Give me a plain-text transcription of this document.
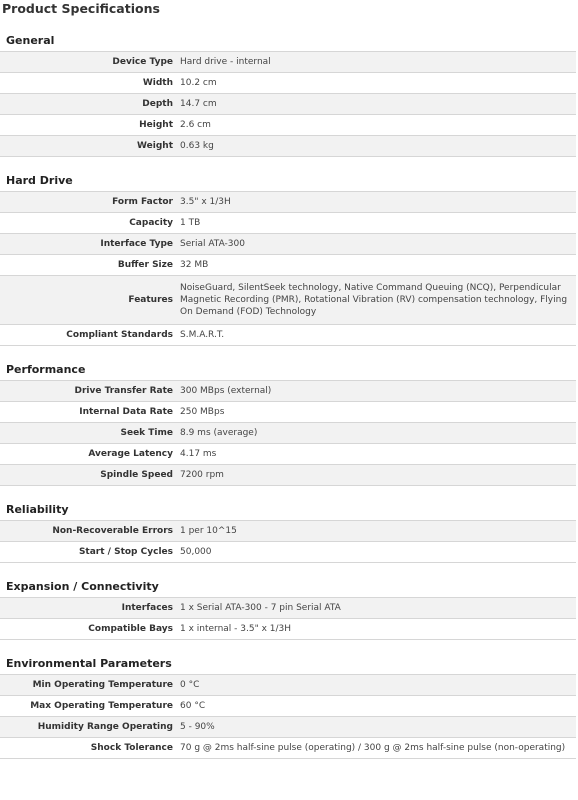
Product Specifications
General
Device Type	Hard drive - internal
Width	10.2 cm
Depth	14.7 cm
Height	2.6 cm
Weight	0.63 kg
Hard Drive
Form Factor	3.5" x 1/3H
Capacity	1 TB
Interface Type	Serial ATA-300
Buffer Size	32 MB
Features	NoiseGuard, SilentSeek technology, Native Command Queuing (NCQ), Perpendicular Magnetic Recording (PMR), Rotational Vibration (RV) compensation technology, Flying On Demand (FOD) Technology
Compliant Standards	S.M.A.R.T.
Performance
Drive Transfer Rate	300 MBps (external)
Internal Data Rate	250 MBps
Seek Time	8.9 ms (average)
Average Latency	4.17 ms
Spindle Speed	7200 rpm
Reliability
Non-Recoverable Errors	1 per 10^15
Start / Stop Cycles	50,000
Expansion / Connectivity
Interfaces	1 x Serial ATA-300 - 7 pin Serial ATA
Compatible Bays	1 x internal - 3.5" x 1/3H
Environmental Parameters
Min Operating Temperature	0 °C
Max Operating Temperature	60 °C
Humidity Range Operating	5 - 90%
Shock Tolerance	70 g @ 2ms half-sine pulse (operating) / 300 g @ 2ms half-sine pulse (non-operating)
